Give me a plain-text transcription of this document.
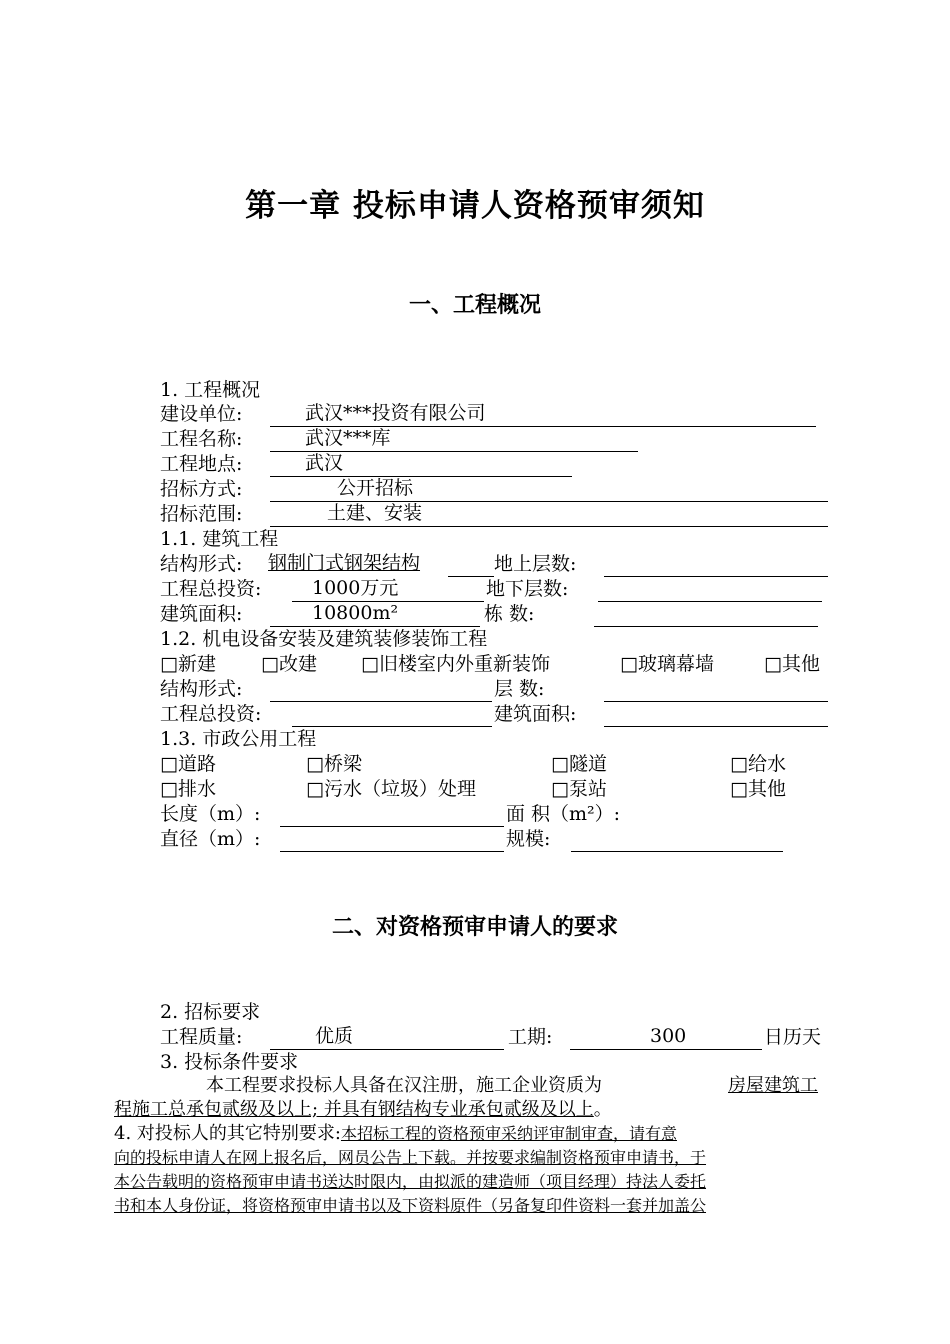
第一章 投标申请人资格预审须知
一、工程概况
1. 工程概况
建设单位:	武汉***投资有限公司
工程名称:	武汉***库
工程地点:	武汉
招标方式:	公开招标
招标范围:	土建、安装
1.1. 建筑工程
结构形式: 钢制门式钢架结构	地上层数:
工程总投资:	1000万元	地下层数:
建筑面积:	10800m²	栋 数:
1.2. 机电设备安装及建筑装修装饰工程
□新建 □改建 □旧楼室内外重新装饰	□玻璃幕墙	□其他
结构形式:	层 数:
工程总投资:	建筑面积:
1.3. 市政公用工程
□道路	□桥梁	□隧道	□给水
□排水	□污水（垃圾）处理	□泵站	□其他
长度（m）:	面 积（m²）:
直径（m）:	规模:
二、对资格预审申请人的要求
2. 招标要求
工程质量:	优质	工期:	300	日历天
3. 投标条件要求
本工程要求投标人具备在汉注册，施工企业资质为	房屋建筑工
程施工总承包贰级及以上; 并具有钢结构专业承包贰级及以上。
4. 对投标人的其它特别要求:本招标工程的资格预审采纳评审制审查，请有意
向的投标申请人在网上报名后，网员公告上下载。并按要求编制资格预审申请书，于
本公告载明的资格预审申请书送达时限内，由拟派的建造师（项目经理）持法人委托
书和本人身份证，将资格预审申请书以及下资料原件（另备复印件资料一套并加盖公
